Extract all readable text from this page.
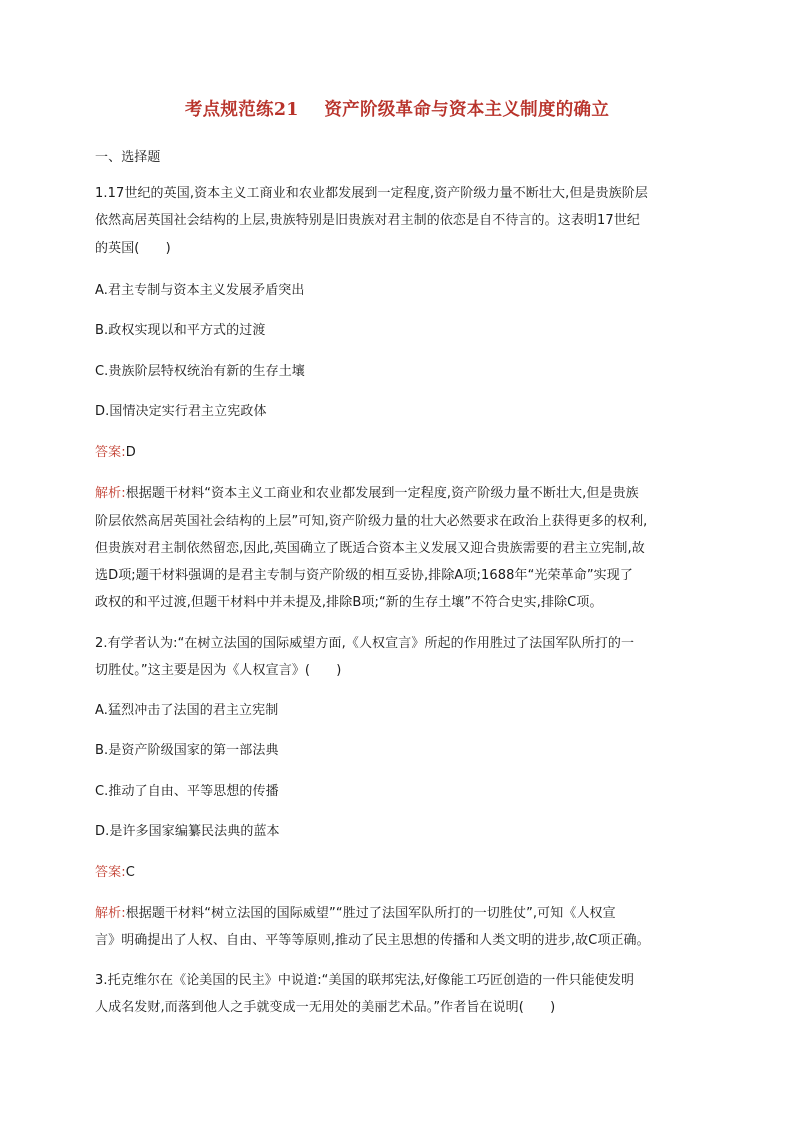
考点规范练21    资产阶级革命与资本主义制度的确立
一、选择题
1.17世纪的英国,资本主义工商业和农业都发展到一定程度,资产阶级力量不断壮大,但是贵族阶层
依然高居英国社会结构的上层,贵族特别是旧贵族对君主制的依恋是自不待言的。这表明17世纪
的英国(　　)
A.君主专制与资本主义发展矛盾突出
B.政权实现以和平方式的过渡
C.贵族阶层特权统治有新的生存土壤
D.国情决定实行君主立宪政体
答案:D
解析:根据题干材料“资本主义工商业和农业都发展到一定程度,资产阶级力量不断壮大,但是贵族
阶层依然高居英国社会结构的上层”可知,资产阶级力量的壮大必然要求在政治上获得更多的权利,
但贵族对君主制依然留恋,因此,英国确立了既适合资本主义发展又迎合贵族需要的君主立宪制,故
选D项;题干材料强调的是君主专制与资产阶级的相互妥协,排除A项;1688年“光荣革命”实现了
政权的和平过渡,但题干材料中并未提及,排除B项;“新的生存土壤”不符合史实,排除C项。
2.有学者认为:“在树立法国的国际威望方面,《人权宣言》所起的作用胜过了法国军队所打的一
切胜仗。”这主要是因为《人权宣言》(　　)
A.猛烈冲击了法国的君主立宪制
B.是资产阶级国家的第一部法典
C.推动了自由、平等思想的传播
D.是许多国家编纂民法典的蓝本
答案:C
解析:根据题干材料“树立法国的国际威望”“胜过了法国军队所打的一切胜仗”,可知《人权宣
言》明确提出了人权、自由、平等等原则,推动了民主思想的传播和人类文明的进步,故C项正确。
3.托克维尔在《论美国的民主》中说道:“美国的联邦宪法,好像能工巧匠创造的一件只能使发明
人成名发财,而落到他人之手就变成一无用处的美丽艺术品。”作者旨在说明(　　)
